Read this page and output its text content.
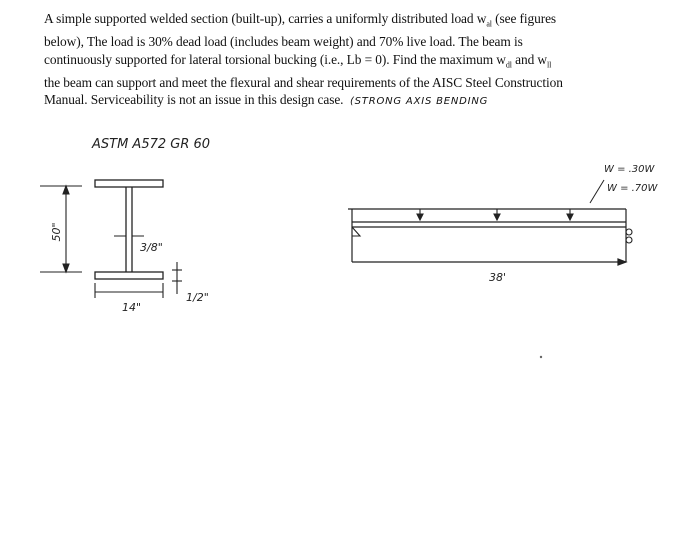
A simple supported welded section (built-up), carries a uniformly distributed load $w_{al}$ (see figures
below), The load is 30% dead load (includes beam weight) and 70% live load. The beam is
continuously supported for lateral torsional bucking (i.e., Lb = 0). Find the maximum $w_{dl}$ and $w_{ll}$
the beam can support and meet the flexural and shear requirements of the AISC Steel Construction
Manual. Serviceability is not an issue in this design case. (STRONG AXIS BENDING
ASTM A572 GR 60
50"
3/8"
14"
1/2"
38'
W = .30W
W = .70W
